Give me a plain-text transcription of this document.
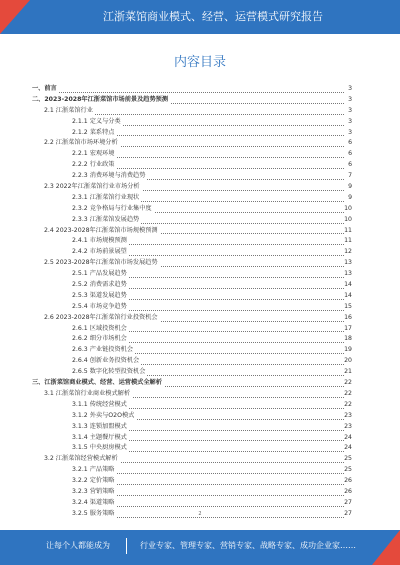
江浙菜馆商业模式、经营、运营模式研究报告
内容目录
一、前言	3
二、2023-2028年江浙菜馆市场前景及趋势预测	3
2.1 江浙菜馆行业	3
2.1.1 定义与分类	3
2.1.2 菜系特点	3
2.2 江浙菜馆市场环境分析	6
2.2.1 宏观环境	6
2.2.2 行业政策	6
2.2.3 消费环境与消费趋势	7
2.3 2022年江浙菜馆行业市场分析	9
2.3.1 江浙菜馆行业现状	9
2.3.2 竞争格局与行业集中度	10
2.3.3 江浙菜馆发展趋势	10
2.4 2023-2028年江浙菜馆市场规模预测	11
2.4.1 市场规模预测	11
2.4.2 市场前景展望	12
2.5 2023-2028年江浙菜馆市场发展趋势	13
2.5.1 产品发展趋势	13
2.5.2 消费需求趋势	14
2.5.3 渠道发展趋势	14
2.5.4 市场竞争趋势	15
2.6 2023-2028年江浙菜馆行业投资机会	16
2.6.1 区域投资机会	17
2.6.2 细分市场机会	18
2.6.3 产业链投资机会	19
2.6.4 创新业务投资机会	20
2.6.5 数字化转型投资机会	21
三、江浙菜馆商业模式、经营、运营模式全解析	22
3.1 江浙菜馆行业商业模式解析	22
3.1.1 传统经营模式	22
3.1.2 外卖与O2O模式	23
3.1.3 连锁加盟模式	23
3.1.4 主题餐厅模式	24
3.1.5 中央厨房模式	24
3.2 江浙菜馆经营模式解析	25
3.2.1 产品策略	25
3.2.2 定价策略	26
3.2.3 营销策略	26
3.2.4 渠道策略	27
3.2.5 服务策略	27
2
让每个人都能成为	行业专家、管理专家、营销专家、战略专家、成功企业家……
